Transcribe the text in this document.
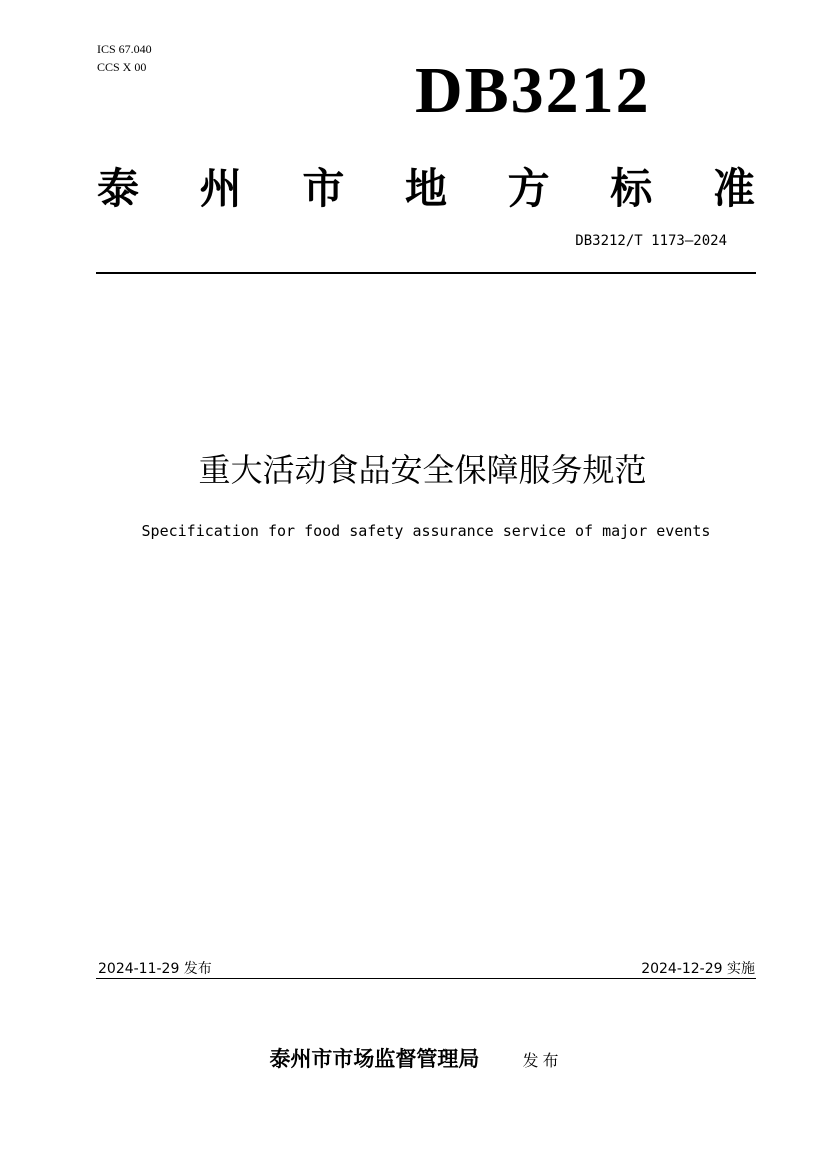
ICS 67.040
CCS X 00	DB3212
泰 州 市 地 方 标 准
DB3212/T 1173—2024
重大活动食品安全保障服务规范
Specification for food safety assurance service of major events
2024-11-29 发布	2024-12-29 实施
泰州市市场监督管理局	发布
